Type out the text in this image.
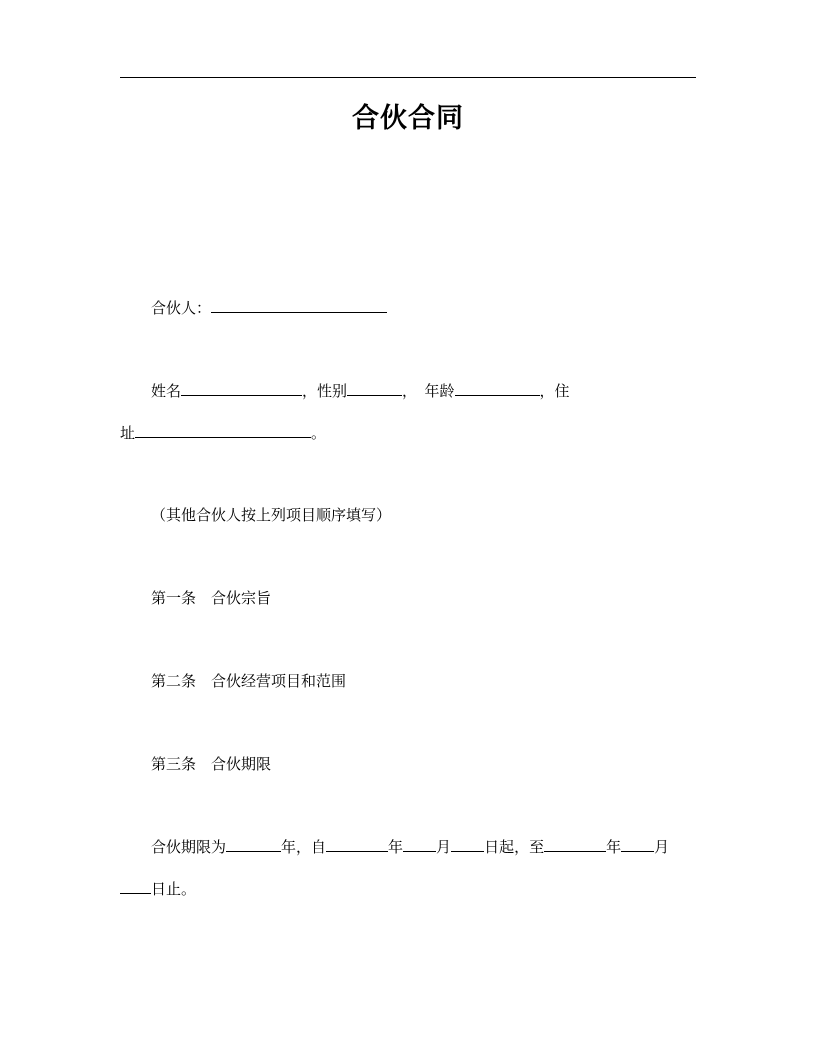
合伙合同
合伙人：
姓名	，性别	，　年龄	，住
址	。
（其他合伙人按上列项目顺序填写）
第一条　合伙宗旨
第二条　合伙经营项目和范围
第三条　合伙期限
合伙期限为	年，自	年 月 日起，至	年 月
日止。
